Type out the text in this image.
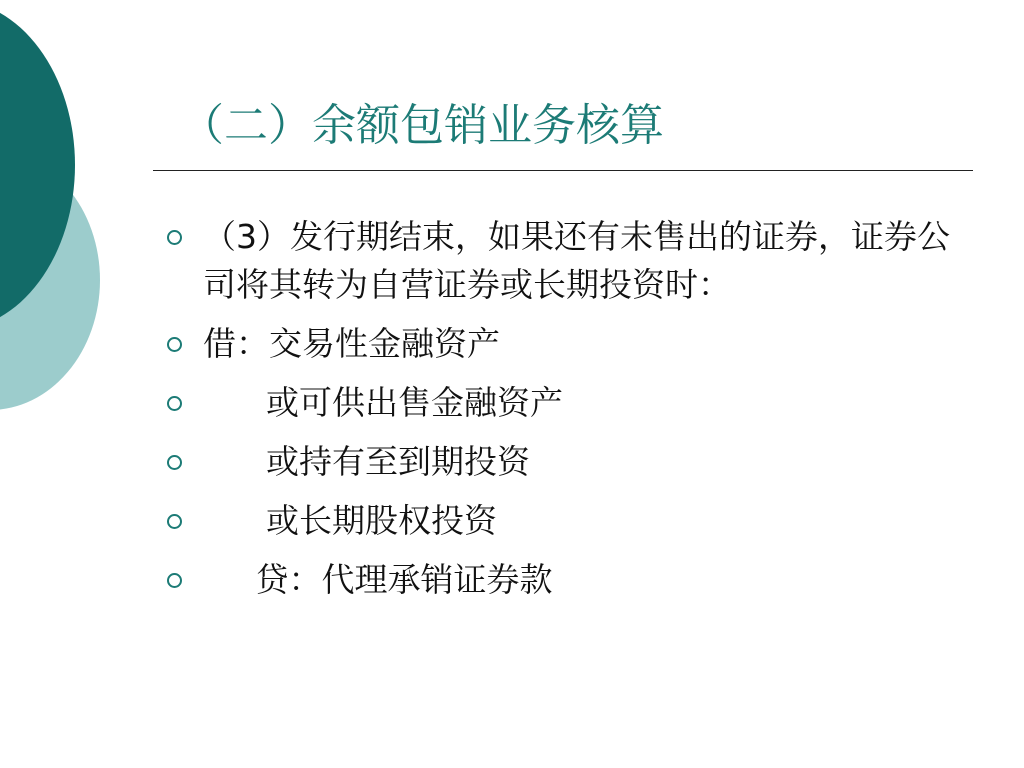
（二）余额包销业务核算
（3）发行期结束，如果还有未售出的证券，证券公司将其转为自营证券或长期投资时：
借：交易性金融资产
或可供出售金融资产
或持有至到期投资
或长期股权投资
贷：代理承销证券款
